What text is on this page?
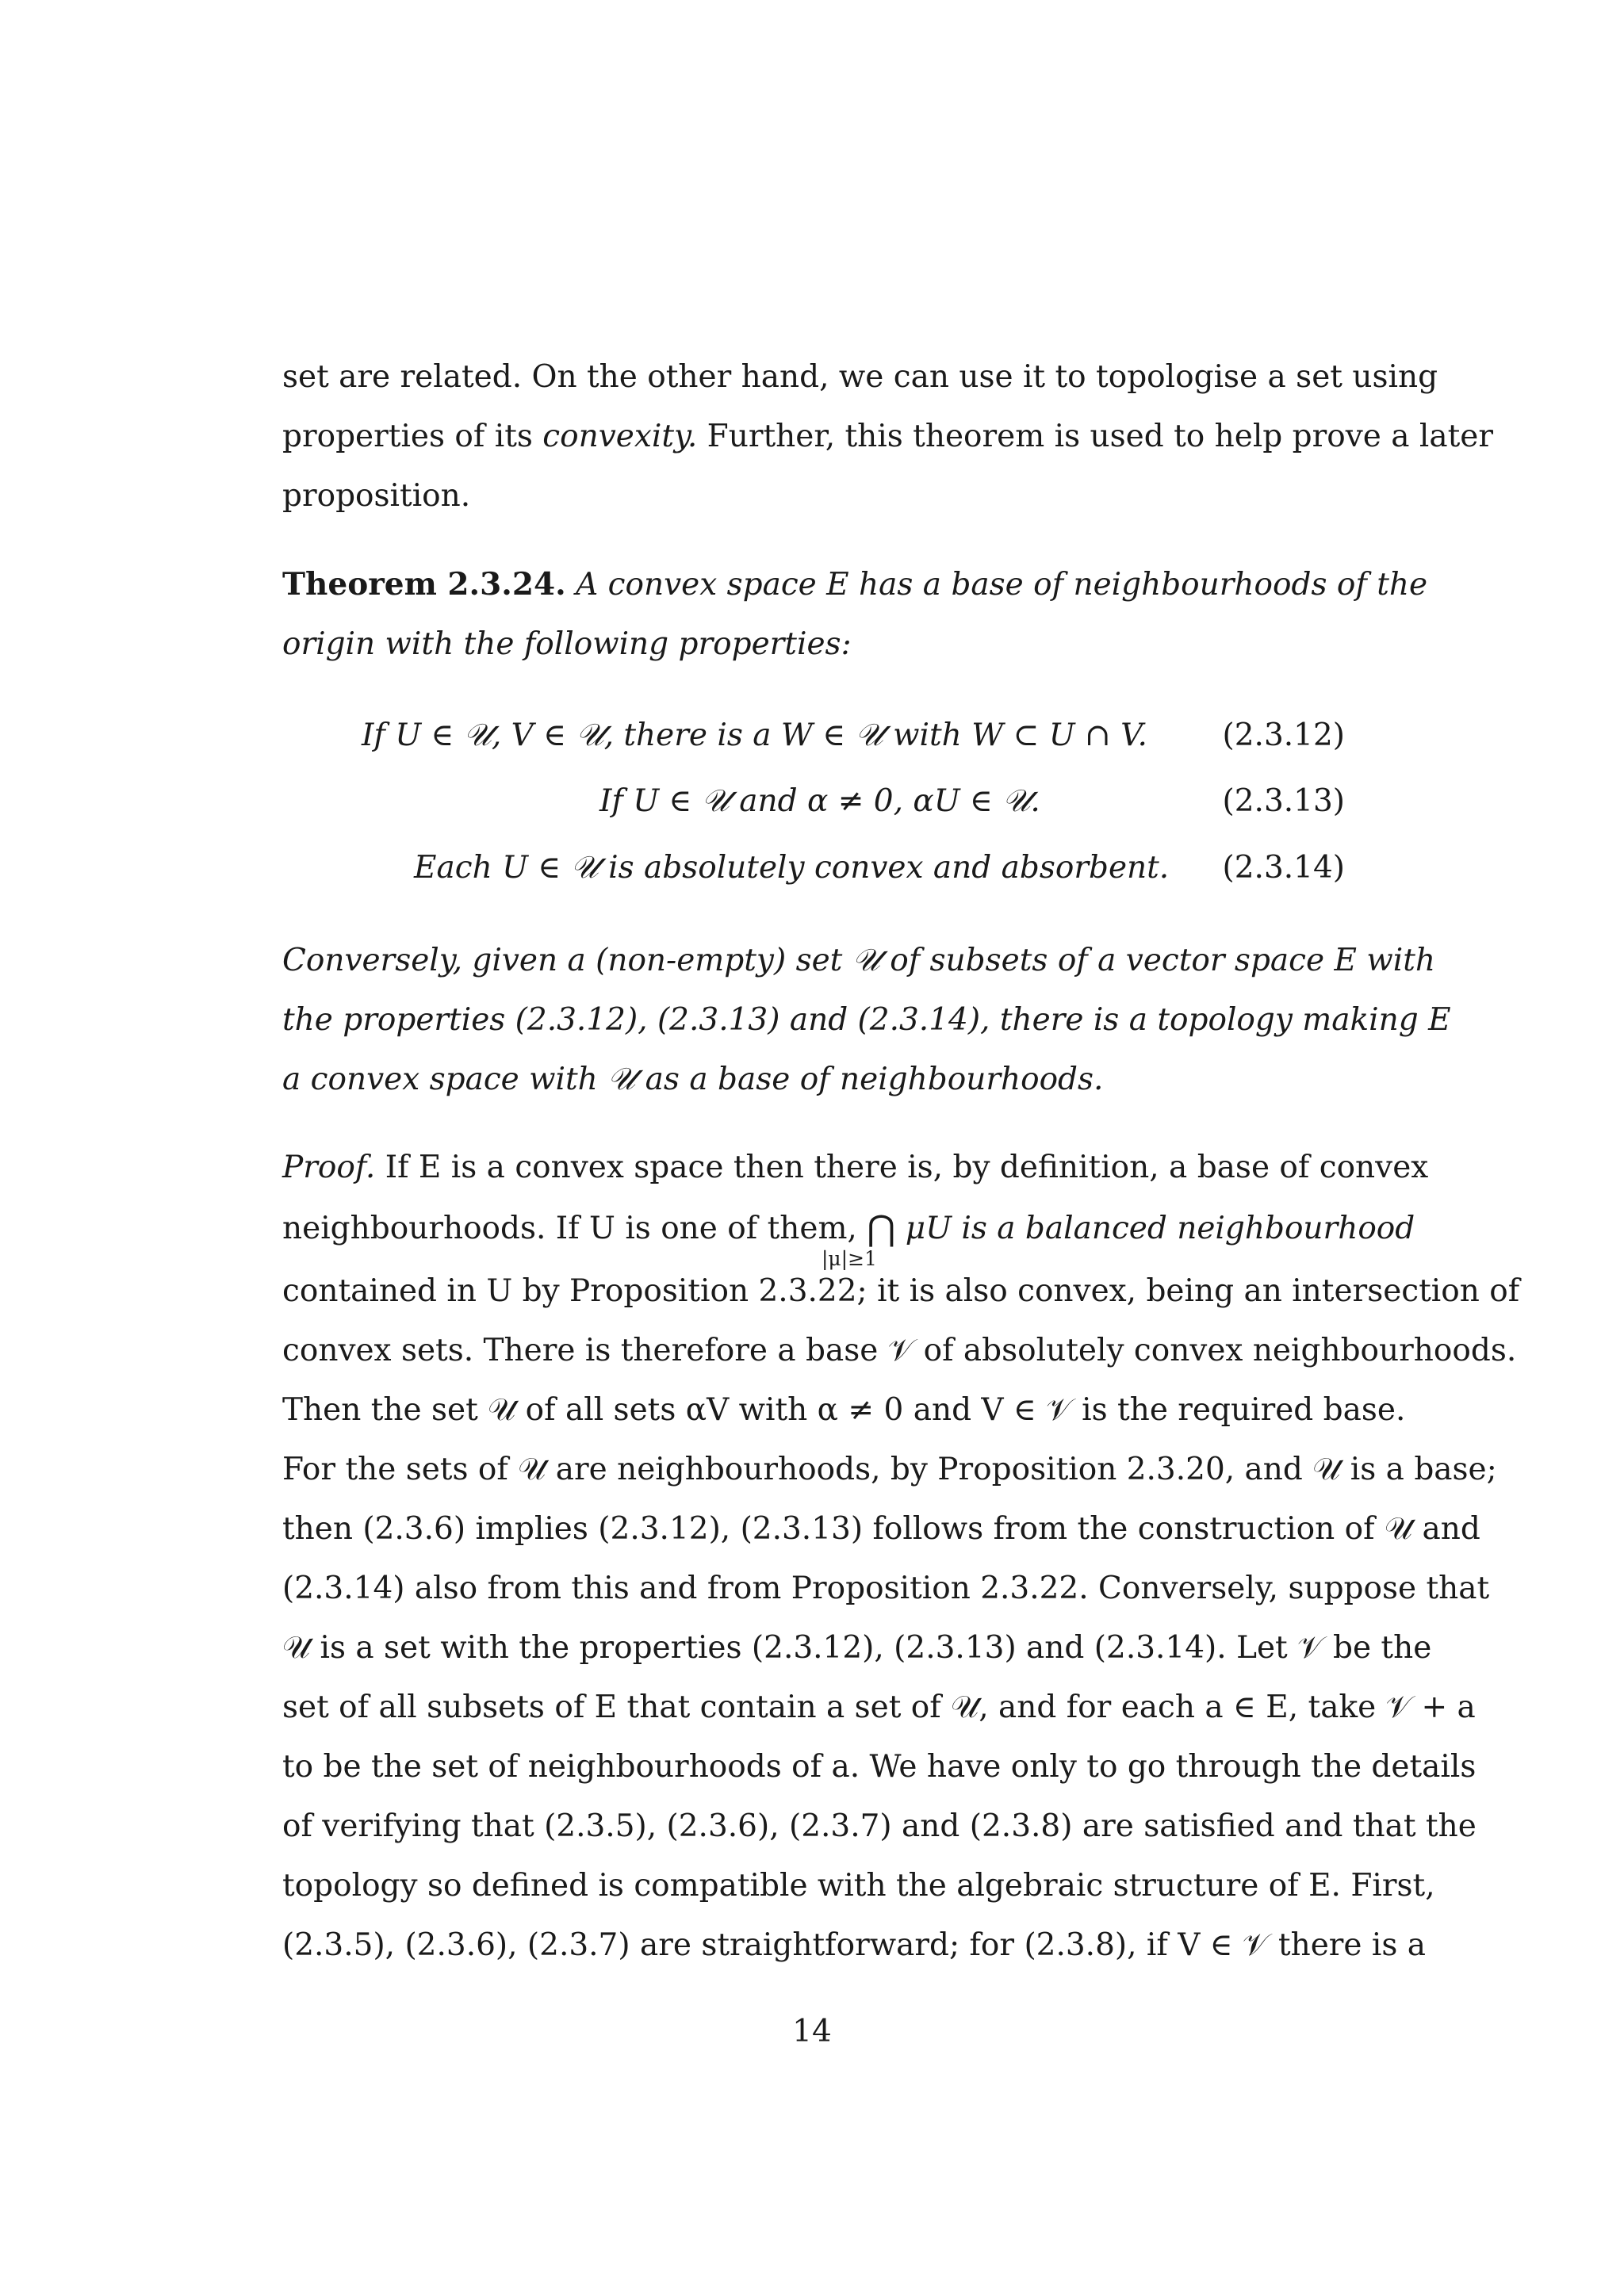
set are related. On the other hand, we can use it to topologise a set using
properties of its convexity. Further, this theorem is used to help prove a later
proposition.
Theorem 2.3.24. A convex space E has a base of neighbourhoods of the
origin with the following properties:
If U ∈ 𝒰, V ∈ 𝒰, there is a W ∈ 𝒰 with W ⊂ U ∩ V. (2.3.12)
If U ∈ 𝒰 and α ≠ 0, αU ∈ 𝒰.	(2.3.13)
Each U ∈ 𝒰 is absolutely convex and absorbent. (2.3.14)
Conversely, given a (non-empty) set 𝒰 of subsets of a vector space E with
the properties (2.3.12), (2.3.13) and (2.3.14), there is a topology making E
a convex space with 𝒰 as a base of neighbourhoods.
Proof. If E is a convex space then there is, by definition, a base of convex
neighbourhoods. If U is one of them, ⋂ μU is a balanced neighbourhood
|μ|≥1
contained in U by Proposition 2.3.22; it is also convex, being an intersection of
convex sets. There is therefore a base 𝒱 of absolutely convex neighbourhoods.
Then the set 𝒰 of all sets αV with α ≠ 0 and V ∈ 𝒱 is the required base.
For the sets of 𝒰 are neighbourhoods, by Proposition 2.3.20, and 𝒰 is a base;
then (2.3.6) implies (2.3.12), (2.3.13) follows from the construction of 𝒰 and
(2.3.14) also from this and from Proposition 2.3.22. Conversely, suppose that
𝒰 is a set with the properties (2.3.12), (2.3.13) and (2.3.14). Let 𝒱 be the
set of all subsets of E that contain a set of 𝒰, and for each a ∈ E, take 𝒱 + a
to be the set of neighbourhoods of a. We have only to go through the details
of verifying that (2.3.5), (2.3.6), (2.3.7) and (2.3.8) are satisfied and that the
topology so defined is compatible with the algebraic structure of E. First,
(2.3.5), (2.3.6), (2.3.7) are straightforward; for (2.3.8), if V ∈ 𝒱 there is a
14
